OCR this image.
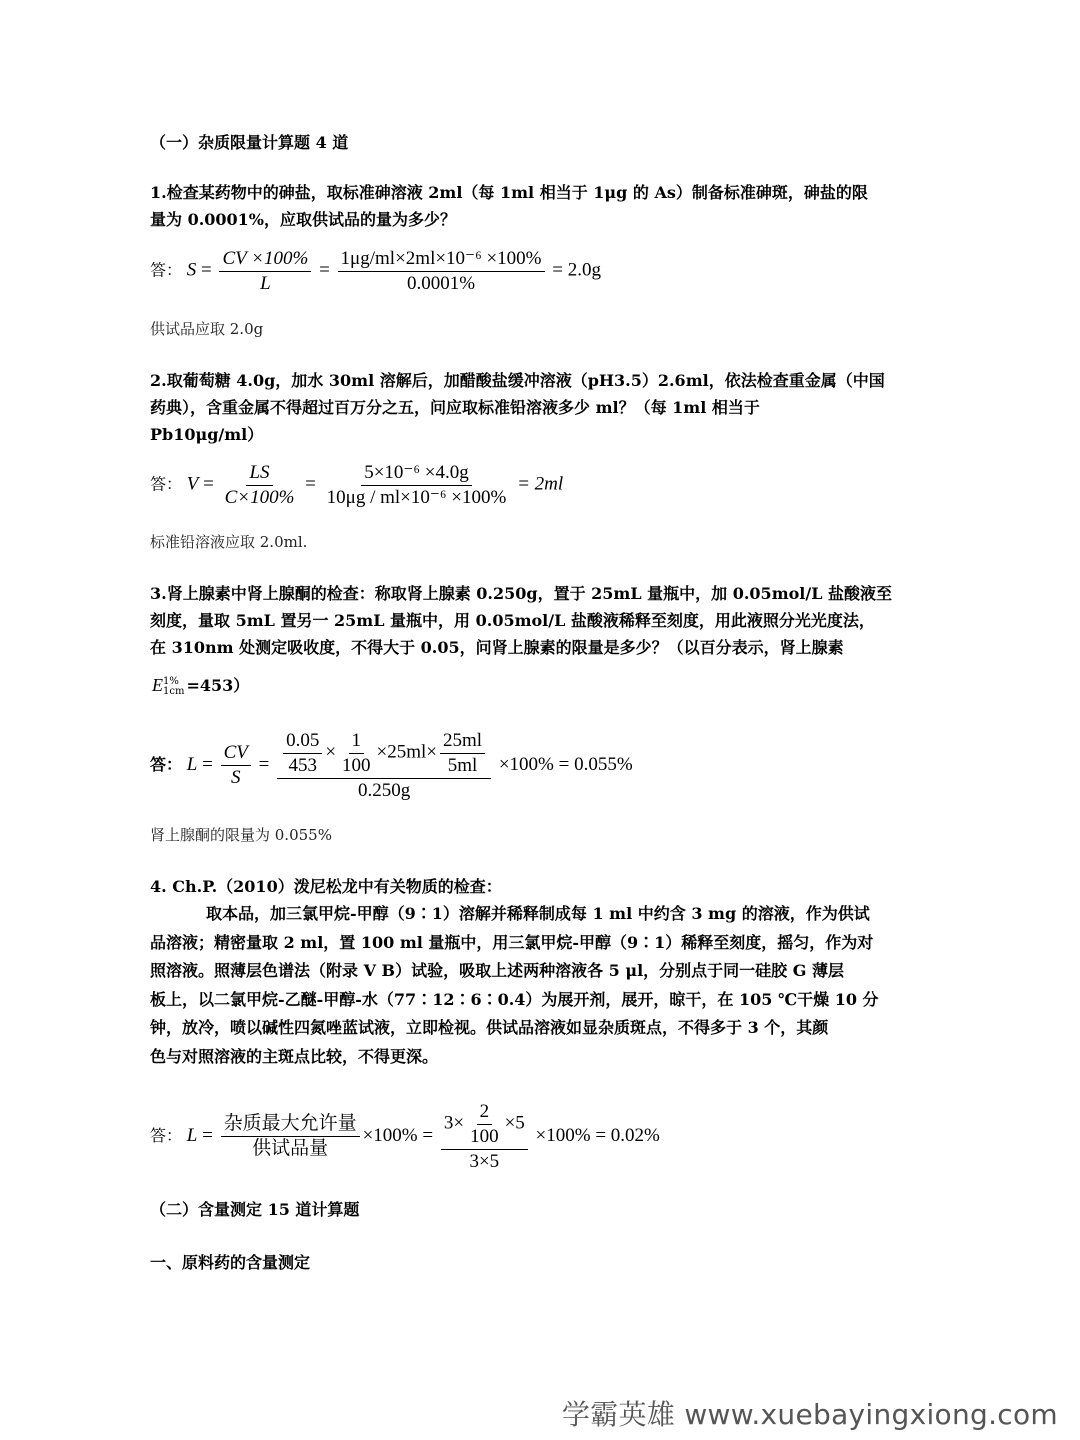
（一）杂质限量计算题 4 道
1.检查某药物中的砷盐，取标准砷溶液 2ml（每 1ml 相当于 1μg 的 As）制备标准砷斑，砷盐的限
量为 0.0001%，应取供试品的量为多少？
答： $S = \frac{CV \times 100\%}{L} = \frac{\text{1μg/ml×2ml×10⁻⁶ ×100\%}}{0.0001\%} = 2.0g$
供试品应取 2.0g
2.取葡萄糖 4.0g，加水 30ml 溶解后，加醋酸盐缓冲溶液（pH3.5）2.6ml，依法检查重金属（中国
药典），含重金属不得超过百万分之五，问应取标准铅溶液多少 ml？（每 1ml 相当于
Pb10μg/ml）
答： $V = \frac{LS}{C\times 100\%} = \frac{\text{5×10⁻⁶ ×4.0g}}{\text{10μg / ml×10⁻⁶ ×100\%}} = 2ml$
标准铅溶液应取 2.0ml.
3.肾上腺素中肾上腺酮的检查：称取肾上腺素 0.250g，置于 25mL 量瓶中，加 0.05mol/L 盐酸液至
刻度，量取 5mL 置另一 25mL 量瓶中，用 0.05mol/L 盐酸液稀释至刻度，用此液照分光光度法，
在 310nm 处测定吸收度，不得大于 0.05，问肾上腺素的限量是多少？（以百分表示，肾上腺素
E 1%
1cm =453）
答： $L = \frac{CV}{S} = \frac{0.05}{453} \times \frac{1}{100} \times 25ml\times \frac{25ml}{5ml}$
0.250g
×100% = 0.055%
肾上腺酮的限量为 0.055%
4. Ch.P.（2010）泼尼松龙中有关物质的检查：
取本品，加三氯甲烷-甲醇（9∶1）溶解并稀释制成每 1 ml 中约含 3 mg 的溶液，作为供试
品溶液；精密量取 2 ml，置 100 ml 量瓶中，用三氯甲烷-甲醇（9∶1）稀释至刻度，摇匀，作为对
照溶液。照薄层色谱法（附录 V B）试验，吸取上述两种溶液各 5 μl，分别点于同一硅胶 G 薄层
板上，以二氯甲烷-乙醚-甲醇-水（77∶12∶6∶0.4）为展开剂，展开，晾干，在 105 ℃干燥 10 分
钟，放冷，喷以碱性四氮唑蓝试液，立即检视。供试品溶液如显杂质斑点，不得多于 3 个，其颜
色与对照溶液的主斑点比较，不得更深。
答： $L = \frac{\text{杂质最大允许量}}{\text{供试品量}} \times 100\% = \frac{3\times \frac{2}{100} \times 5}{3\times 5} \times 100\% = 0.02\%$
（二）含量测定 15 道计算题
一、原料药的含量测定
学霸英雄 www.xuebayingxiong.com
